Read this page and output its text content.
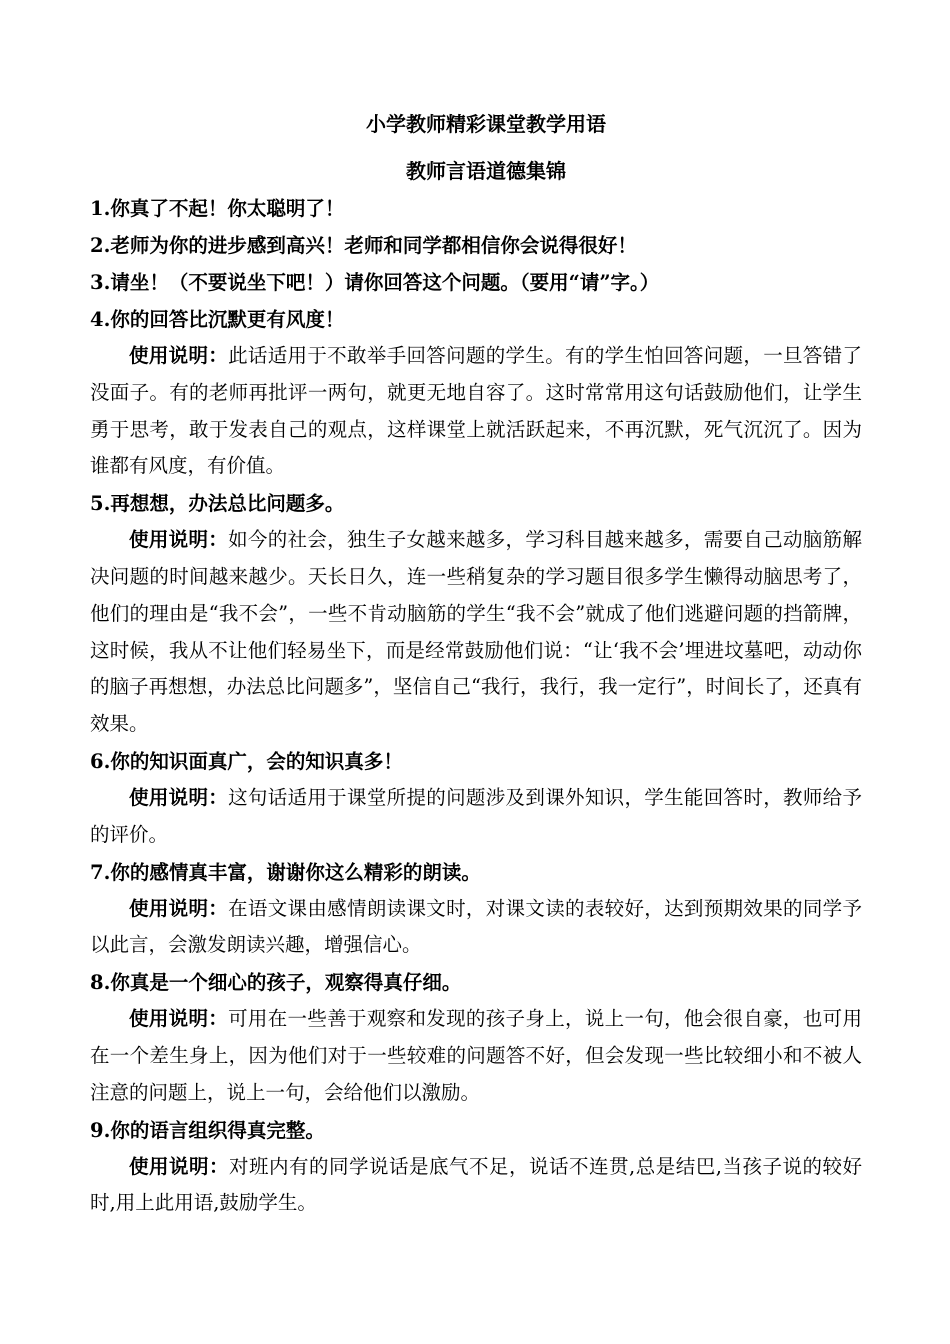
小学教师精彩课堂教学用语
教师言语道德集锦

1.你真了不起！你太聪明了！

2.老师为你的进步感到高兴！老师和同学都相信你会说得很好！

3.请坐！（不要说坐下吧！）请你回答这个问题。（要用“请”字。）

4.你的回答比沉默更有风度！

使用说明：此话适用于不敢举手回答问题的学生。有的学生怕回答问题，一旦答错了没面子。有的老师再批评一两句，就更无地自容了。这时常常用这句话鼓励他们，让学生勇于思考，敢于发表自己的观点，这样课堂上就活跃起来，不再沉默，死气沉沉了。因为谁都有风度，有价值。

5.再想想，办法总比问题多。

使用说明：如今的社会，独生子女越来越多，学习科目越来越多，需要自己动脑筋解决问题的时间越来越少。天长日久，连一些稍复杂的学习题目很多学生懒得动脑思考了，他们的理由是“我不会”，一些不肯动脑筋的学生“我不会”就成了他们逃避问题的挡箭牌，这时候，我从不让他们轻易坐下，而是经常鼓励他们说：“让‘我不会’埋进坟墓吧，动动你的脑子再想想，办法总比问题多”，坚信自己“我行，我行，我一定行”，时间长了，还真有效果。

6.你的知识面真广，会的知识真多！

使用说明：这句话适用于课堂所提的问题涉及到课外知识，学生能回答时，教师给予的评价。

7.你的感情真丰富，谢谢你这么精彩的朗读。

使用说明：在语文课由感情朗读课文时，对课文读的表较好，达到预期效果的同学予以此言，会激发朗读兴趣，增强信心。

8.你真是一个细心的孩子，观察得真仔细。

使用说明：可用在一些善于观察和发现的孩子身上，说上一句，他会很自豪，也可用在一个差生身上，因为他们对于一些较难的问题答不好，但会发现一些比较细小和不被人注意的问题上，说上一句，会给他们以激励。

9.你的语言组织得真完整。

使用说明：对班内有的同学说话是底气不足，说话不连贯,总是结巴,当孩子说的较好时,用上此用语,鼓励学生。
